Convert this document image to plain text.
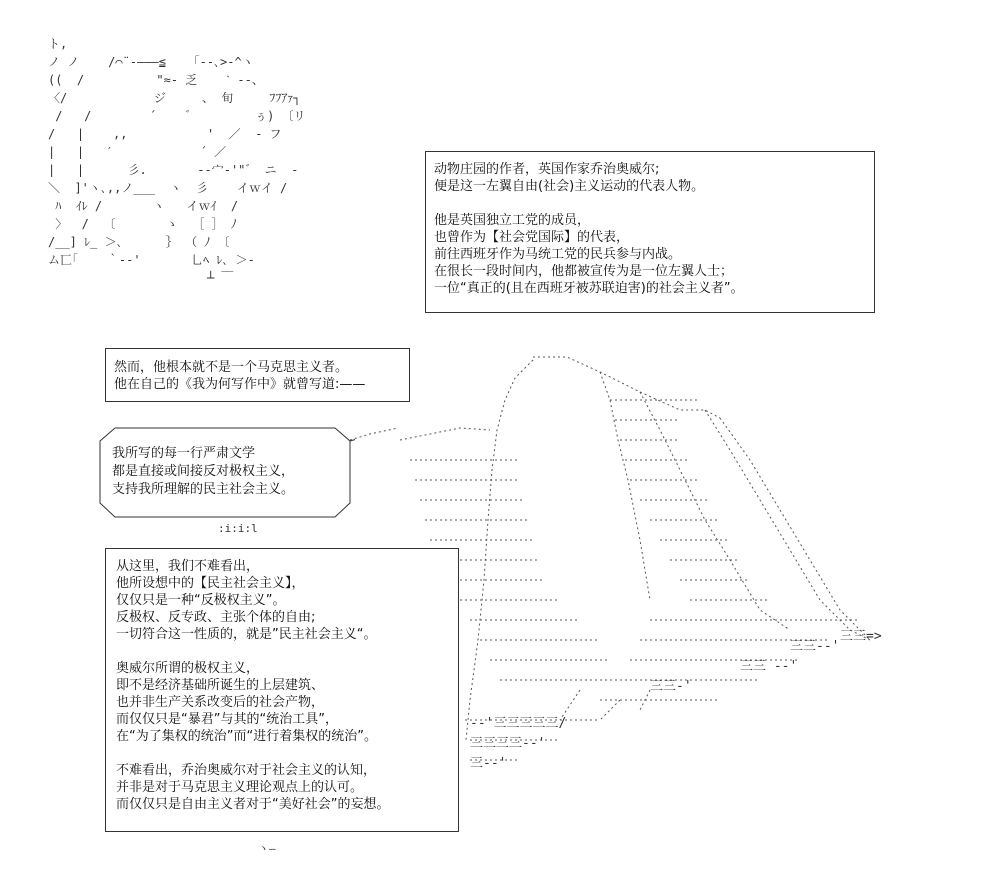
ト,
ノ ノ    /⌒¨‐———≦   「‐-､>‐^ヽ
((  /          "≈- 乏    ˋ ‐-、
〈/            ジ     、 旬     ﾌﾌｱｧ┐
/   /        ´    ゛        ぅ) 〔リ
/   |    ,,           '  ／  ‐ フ
|   |   ′            ´ ／
|   |      彡.       -‐宀‐'"゛ ニ  ‐
＼  ]'ヽ､,,ノ___  ヽ  彡    イｗイ /
ﾊ  ｲﾚ /       ヽ   イｗｲ  /
〉  /  〔       ゝ  ［ ］ ﾉ
/__] ﾚ_ ＞､      ｝ （ ﾉ 〔
ム匸｢    ｀-‐'       乚ﾍ ﾚ､ ＞-
┴ ￣
-‐'三三三三三/
三三三三-‐'
三-‐'
三三‐'
三三 -‐'
三三-‐'
三三=>

动物庄园的作者，英国作家乔治奥威尔;

便是这一左翼自由(社会)主义运动的代表人物。

他是英国独立工党的成员，

也曾作为【社会党国际】的代表，

前往西班牙作为马统工党的民兵参与内战。

在很长一段时间内，他都被宣传为是一位左翼人士；

一位“真正的(且在西班牙被苏联迫害)的社会主义者”。

然而，他根本就不是一个马克思主义者。

他在自己的《我为何写作中》就曾写道:——

我所写的每一行严肃文学

都是直接或间接反对极权主义，

支持我所理解的民主社会主义。

:i:i:l

从这里，我们不难看出，

他所设想中的【民主社会主义】，

仅仅只是一种“反极权主义”。

反极权、反专政、主张个体的自由;

一切符合这一性质的，就是”民主社会主义“。

奥威尔所谓的极权主义，

即不是经济基础所诞生的上层建筑、

也并非生产关系改变后的社会产物，

而仅仅只是“暴君”与其的“统治工具”，

在“为了集权的统治”而“进行着集权的统治”。

不难看出，乔治奥威尔对于社会主义的认知，

并非是对于马克思主义理论观点上的认可。

而仅仅只是自由主义者对于“美好社会”的妄想。

ヽ—
